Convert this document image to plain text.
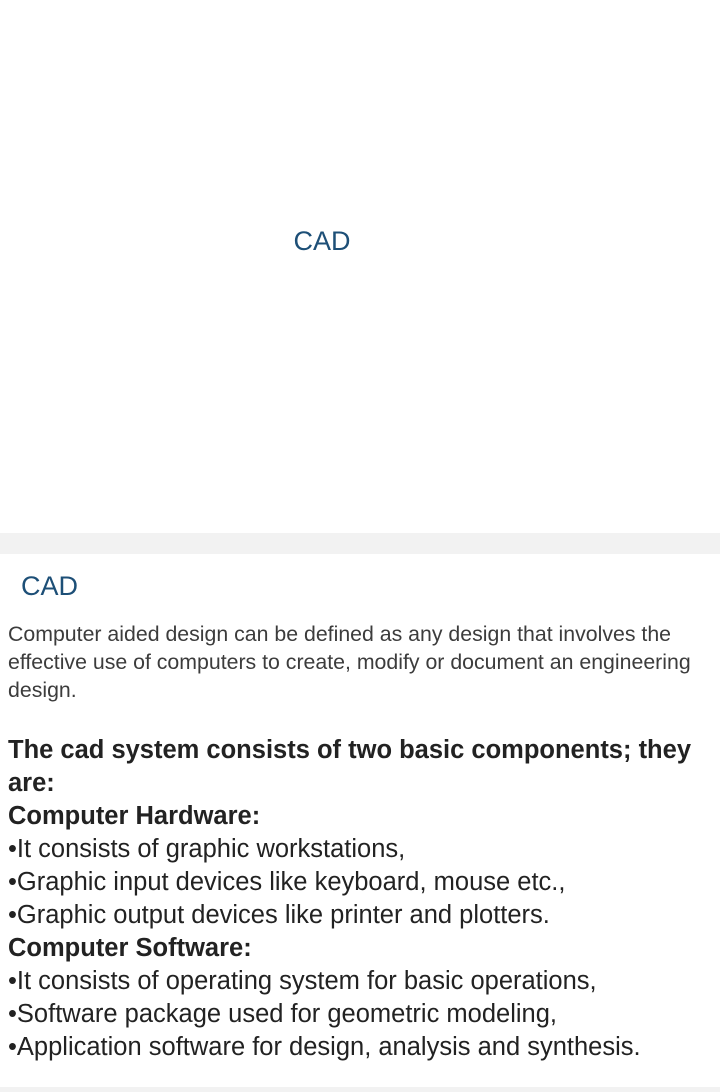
CAD
CAD

Computer aided design can be defined as any design that involves the effective use of computers to create, modify or document an engineering design.

The cad system consists of two basic components; they are:
Computer Hardware:
•It consists of graphic workstations,
•Graphic input devices like keyboard, mouse etc.,
•Graphic output devices like printer and plotters.
Computer Software:
•It consists of operating system for basic operations,
•Software package used for geometric modeling,
•Application software for design, analysis and synthesis.
